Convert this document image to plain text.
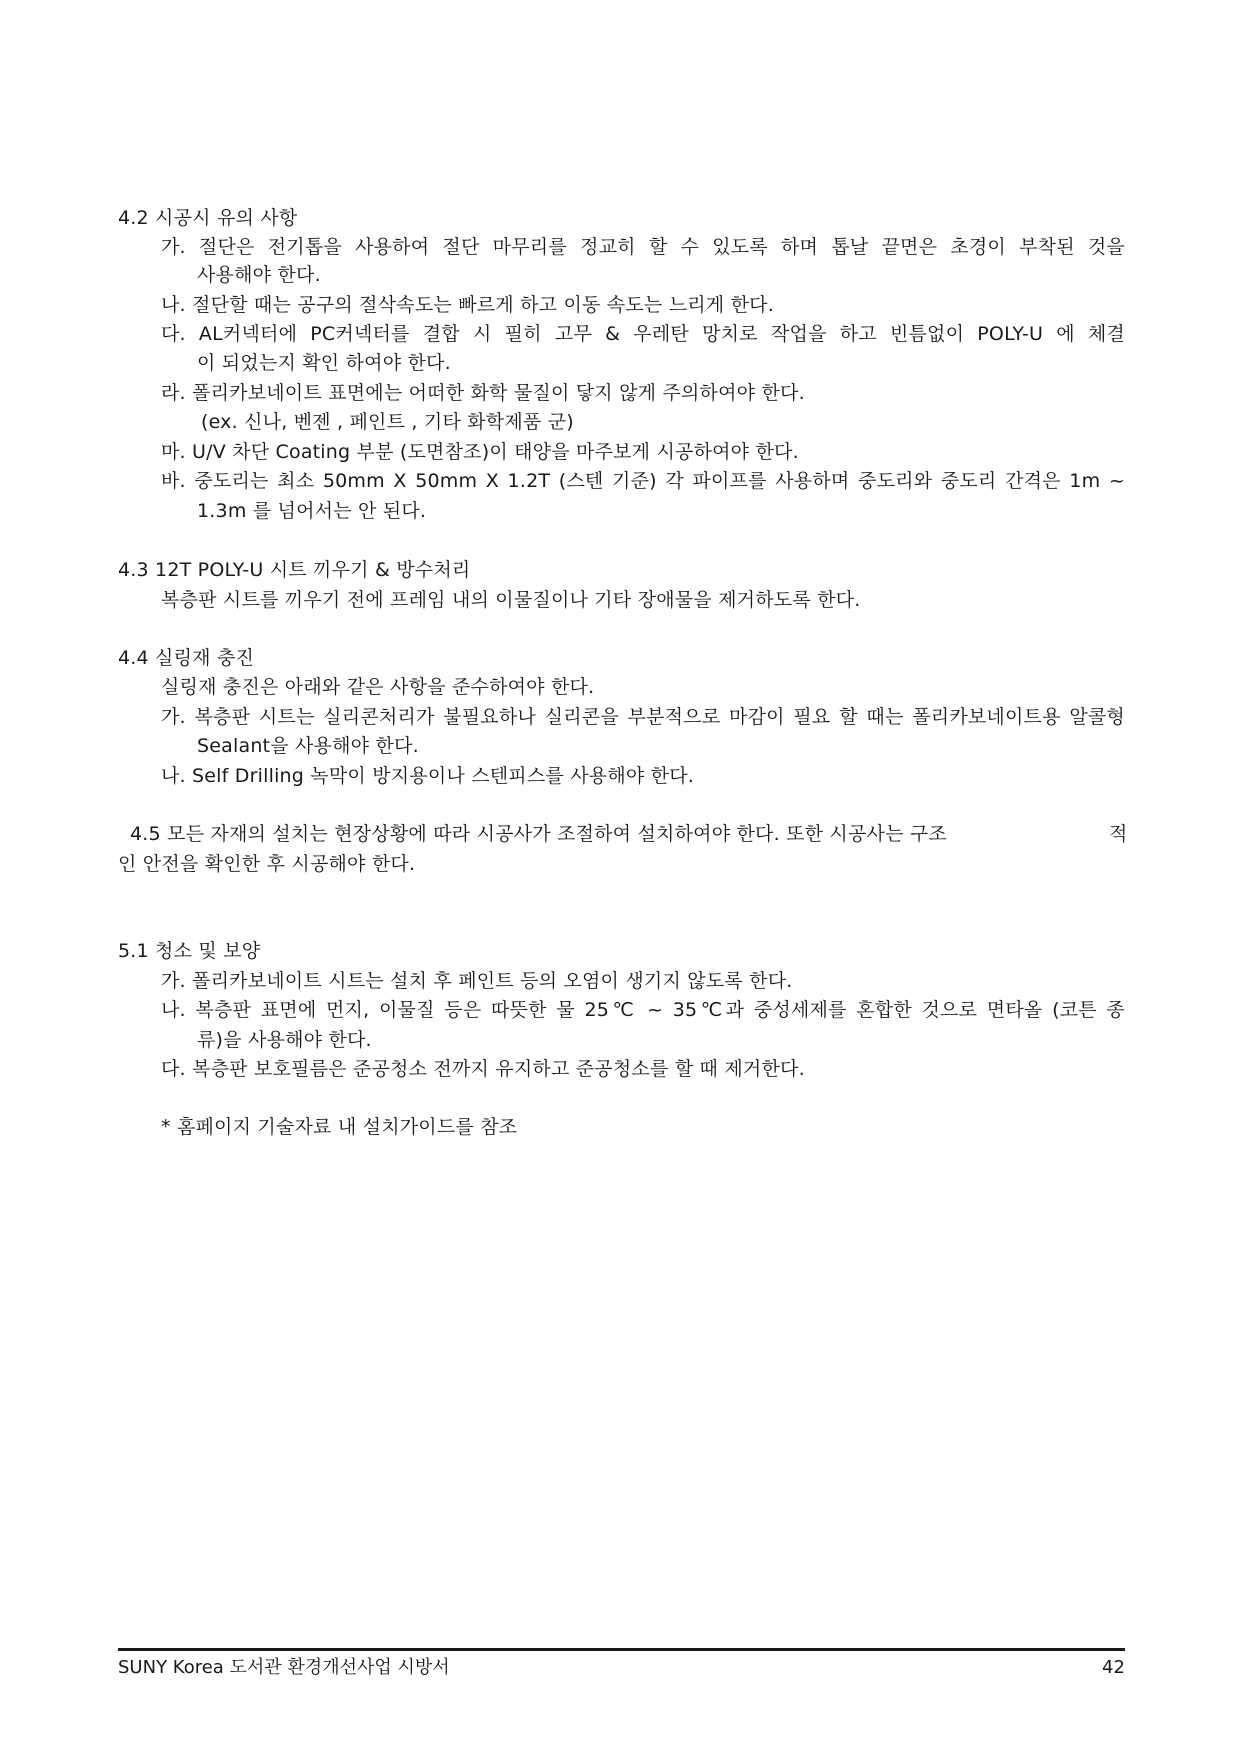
4.2 시공시 유의 사항
가. 절단은 전기톱을 사용하여 절단 마무리를 정교히 할 수 있도록 하며 톱날 끝면은 초경이 부착된 것을
사용해야 한다.
나. 절단할 때는 공구의 절삭속도는 빠르게 하고 이동 속도는 느리게 한다.
다. AL커넥터에 PC커넥터를 결합 시 필히 고무 & 우레탄 망치로 작업을 하고 빈틈없이 POLY-U 에 체결
이 되었는지 확인 하여야 한다.
라. 폴리카보네이트 표면에는 어떠한 화학 물질이 닿지 않게 주의하여야 한다.
(ex. 신나, 벤젠 , 페인트 , 기타 화학제품 군)
마. U/V 차단 Coating 부분 (도면참조)이 태양을 마주보게 시공하여야 한다.
바. 중도리는 최소 50mm X 50mm X 1.2T (스텐 기준) 각 파이프를 사용하며 중도리와 중도리 간격은 1m ~
1.3m 를 넘어서는 안 된다.
4.3 12T POLY-U 시트 끼우기 & 방수처리
복층판 시트를 끼우기 전에 프레임 내의 이물질이나 기타 장애물을 제거하도록 한다.
4.4 실링재 충진
실링재 충진은 아래와 같은 사항을 준수하여야 한다.
가. 복층판 시트는 실리콘처리가 불필요하나 실리콘을 부분적으로 마감이 필요 할 때는 폴리카보네이트용 알콜형
Sealant을 사용해야 한다.
나. Self Drilling 녹막이 방지용이나 스텐피스를 사용해야 한다.
4.5 모든 자재의 설치는 현장상황에 따라 시공사가 조절하여 설치하여야 한다. 또한 시공사는 구조	적
인 안전을 확인한 후 시공해야 한다.
5.1 청소 및 보양
가. 폴리카보네이트 시트는 설치 후 페인트 등의 오염이 생기지 않도록 한다.
나. 복층판 표면에 먼지, 이물질 등은 따뜻한 물 25℃ ~ 35℃과 중성세제를 혼합한 것으로 면타올 (코튼 종
류)을 사용해야 한다.
다. 복층판 보호필름은 준공청소 전까지 유지하고 준공청소를 할 때 제거한다.
* 홈페이지 기술자료 내 설치가이드를 참조
SUNY Korea 도서관 환경개선사업 시방서	42
